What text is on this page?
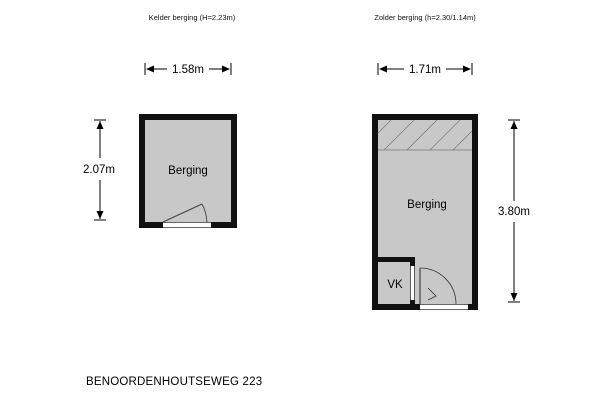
Kelder berging (H=2.23m)
1.58m
2.07m	Berging
Zolder berging (h=2.30/1.14m)
1.71m
3.80m
VK
Berging
BENOORDENHOUTSEWEG 223
